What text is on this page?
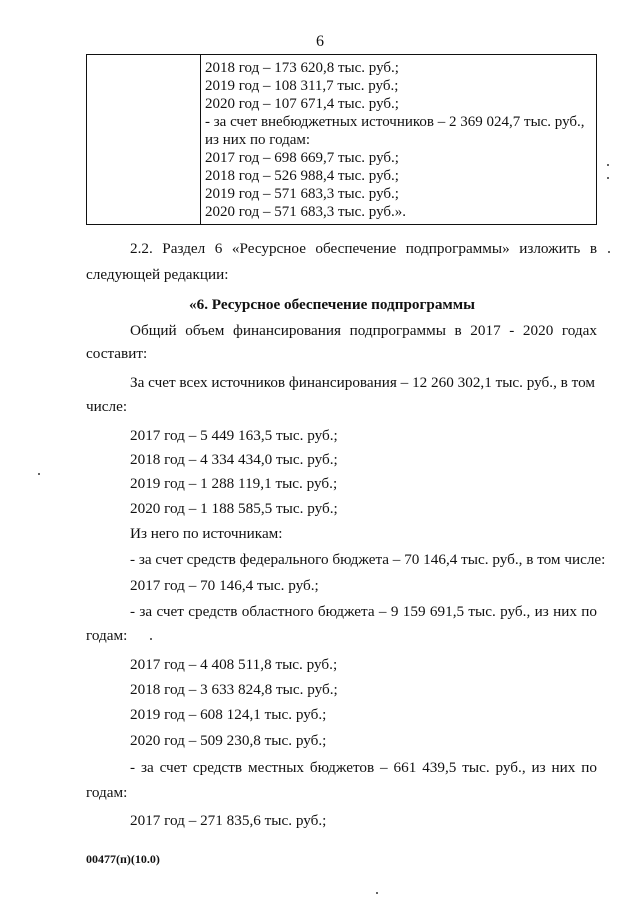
6
2018 год – 173 620,8 тыс. руб.;
2019 год – 108 311,7 тыс. руб.;
2020 год – 107 671,4 тыс. руб.;
- за счет внебюджетных источников – 2 369 024,7 тыс. руб.,
из них по годам:
2017 год – 698 669,7 тыс. руб.;
2018 год – 526 988,4 тыс. руб.;
2019 год – 571 683,3 тыс. руб.;
2020 год – 571 683,3 тыс. руб.».
2.2. Раздел 6 «Ресурсное обеспечение подпрограммы» изложить в
следующей редакции:
«6. Ресурсное обеспечение подпрограммы
Общий объем финансирования подпрограммы в 2017 - 2020 годах
составит:
За счет всех источников финансирования – 12 260 302,1 тыс. руб., в том
числе:
2017 год – 5 449 163,5 тыс. руб.;
2018 год – 4 334 434,0 тыс. руб.;
2019 год – 1 288 119,1 тыс. руб.;
2020 год – 1 188 585,5 тыс. руб.;
Из него по источникам:
- за счет средств федерального бюджета – 70 146,4 тыс. руб., в том числе:
2017 год – 70 146,4 тыс. руб.;
- за счет средств областного бюджета – 9 159 691,5 тыс. руб., из них по
годам:
2017 год – 4 408 511,8 тыс. руб.;
2018 год – 3 633 824,8 тыс. руб.;
2019 год – 608 124,1 тыс. руб.;
2020 год – 509 230,8 тыс. руб.;
- за счет средств местных бюджетов – 661 439,5 тыс. руб., из них по
годам:
2017 год – 271 835,6 тыс. руб.;
00477(п)(10.0)
